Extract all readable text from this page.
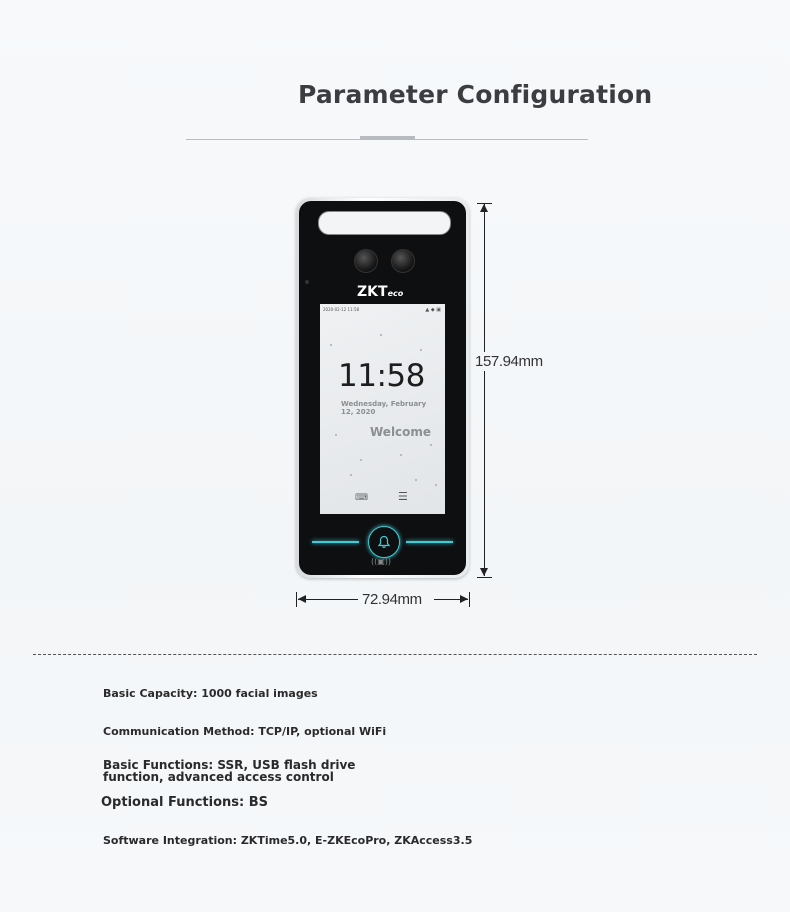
Parameter Configuration
ZKTeco
2020-02-12 11:58	▲ ◆ ▣
11:58
Wednesday, February 12, 2020
Welcome
⌨	☰
((▣))
157.94mm
72.94mm
Basic Capacity: 1000 facial images
Communication Method: TCP/IP, optional WiFi
Basic Functions: SSR, USB flash drive function, advanced access control
Optional Functions: BS
Software Integration: ZKTime5.0, E-ZKEcoPro, ZKAccess3.5
